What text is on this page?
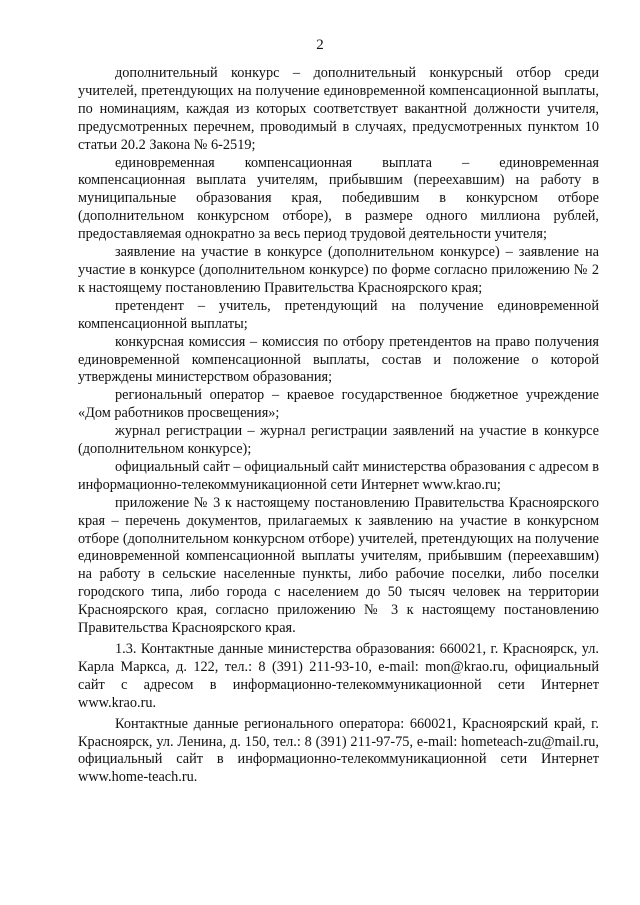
2

дополнительный конкурс – дополнительный конкурсный отбор среди учителей, претендующих на получение единовременной компенсационной выплаты, по номинациям, каждая из которых соответствует вакантной должности учителя, предусмотренных перечнем, проводимый в случаях, предусмотренных пунктом 10 статьи 20.2 Закона № 6-2519;

единовременная компенсационная выплата – единовременная компенсационная выплата учителям, прибывшим (переехавшим) на работу в муниципальные образования края, победившим в конкурсном отборе (дополнительном конкурсном отборе), в размере одного миллиона рублей, предоставляемая однократно за весь период трудовой деятельности учителя;

заявление на участие в конкурсе (дополнительном конкурсе) – заявление на участие в конкурсе (дополнительном конкурсе) по форме согласно приложению № 2 к настоящему постановлению Правительства Красноярского края;

претендент – учитель, претендующий на получение единовременной компенсационной выплаты;

конкурсная комиссия – комиссия по отбору претендентов на право получения единовременной компенсационной выплаты, состав и положение о которой утверждены министерством образования;

региональный оператор – краевое государственное бюджетное учреждение «Дом работников просвещения»;

журнал регистрации – журнал регистрации заявлений на участие в конкурсе (дополнительном конкурсе);

официальный сайт – официальный сайт министерства образования с адресом в информационно-телекоммуникационной сети Интернет www.krao.ru;

приложение № 3 к настоящему постановлению Правительства Красноярского края – перечень документов, прилагаемых к заявлению на участие в конкурсном отборе (дополнительном конкурсном отборе) учителей, претендующих на получение единовременной компенсационной выплаты учителям, прибывшим (переехавшим) на работу в сельские населенные пункты, либо рабочие поселки, либо поселки городского типа, либо города с населением до 50 тысяч человек на территории Красноярского края, согласно приложению № 3 к настоящему постановлению Правительства Красноярского края.

1.3. Контактные данные министерства образования: 660021, г. Красноярск, ул. Карла Маркса, д. 122, тел.: 8 (391) 211-93-10, e-mail: mon@krao.ru, официальный сайт с адресом в информационно-телекоммуникационной сети Интернет www.krao.ru.

Контактные данные регионального оператора: 660021, Красноярский край, г. Красноярск, ул. Ленина, д. 150, тел.: 8 (391) 211-97-75, e-mail: hometeach-zu@mail.ru, официальный сайт в информационно-телекоммуникационной сети Интернет www.home-teach.ru.
